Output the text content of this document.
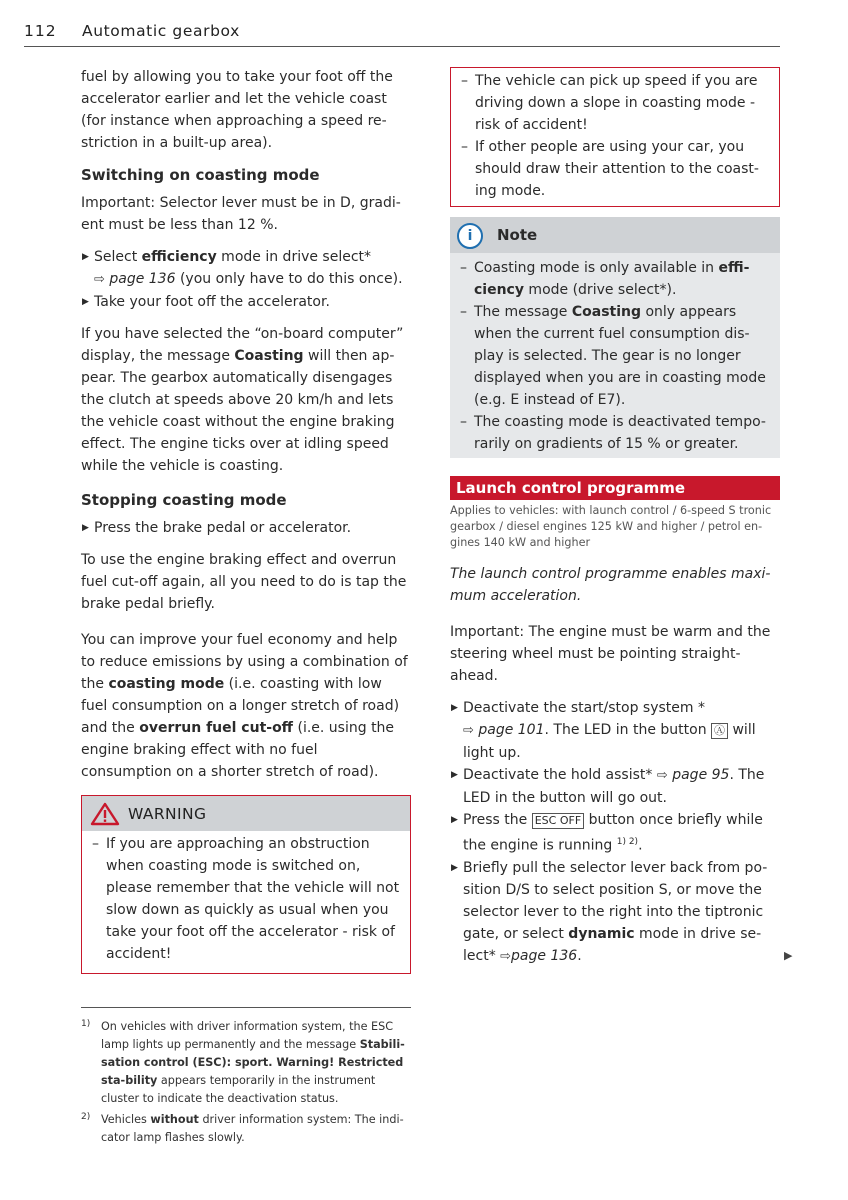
112 Automatic gearbox

fuel by allowing you to take your foot off the accelerator earlier and let the vehicle coast (for instance when approaching a speed re-striction in a built-up area).

Switching on coasting mode

Important: Selector lever must be in D, gradi-ent must be less than 12 %.

▶ Select efficiency mode in drive select*
⇨ page 136 (you only have to do this once).
▶ Take your foot off the accelerator.

If you have selected the “on-board computer” display, the message Coasting will then ap-pear. The gearbox automatically disengages the clutch at speeds above 20 km/h and lets the vehicle coast without the engine braking effect. The engine ticks over at idling speed while the vehicle is coasting.

Stopping coasting mode

▶ Press the brake pedal or accelerator.

To use the engine braking effect and overrun fuel cut-off again, all you need to do is tap the brake pedal briefly.

You can improve your fuel economy and help to reduce emissions by using a combination of the coasting mode (i.e. coasting with low fuel consumption on a longer stretch of road) and the overrun fuel cut-off (i.e. using the engine braking effect with no fuel consumption on a shorter stretch of road).

WARNING
– If you are approaching an obstruction when coasting mode is switched on, please remember that the vehicle will not slow down as quickly as usual when you take your foot off the accelerator - risk of accident!
– The vehicle can pick up speed if you are driving down a slope in coasting mode - risk of accident!
– If other people are using your car, you should draw their attention to the coast-ing mode.
i	Note
– Coasting mode is only available in effi-ciency mode (drive select*).
– The message Coasting only appears when the current fuel consumption dis-play is selected. The gear is no longer displayed when you are in coasting mode (e.g. E instead of E7).
– The coasting mode is deactivated tempo-rarily on gradients of 15 % or greater.
Launch control programme
Applies to vehicles: with launch control / 6-speed S tronic gearbox / diesel engines 125 kW and higher / petrol en-gines 140 kW and higher

The launch control programme enables maxi-mum acceleration.

Important: The engine must be warm and the steering wheel must be pointing straight-ahead.

▶ Deactivate the start/stop system *
⇨ page 101. The LED in the button Ⓐ will light up.
▶ Deactivate the hold assist* ⇨ page 95. The LED in the button will go out.
▶ Press the ESC OFF button once briefly while the engine is running $^{1) 2)}$.
▶ Briefly pull the selector lever back from po-sition D/S to select position S, or move the selector lever to the right into the tiptronic gate, or select dynamic mode in drive se-lect* ⇨page 136.	▶
1) On vehicles with driver information system, the ESC lamp lights up permanently and the message Stabili-sation control (ESC): sport. Warning! Restricted sta-bility appears temporarily in the instrument cluster to indicate the deactivation status.
2) Vehicles without driver information system: The indi-cator lamp flashes slowly.
